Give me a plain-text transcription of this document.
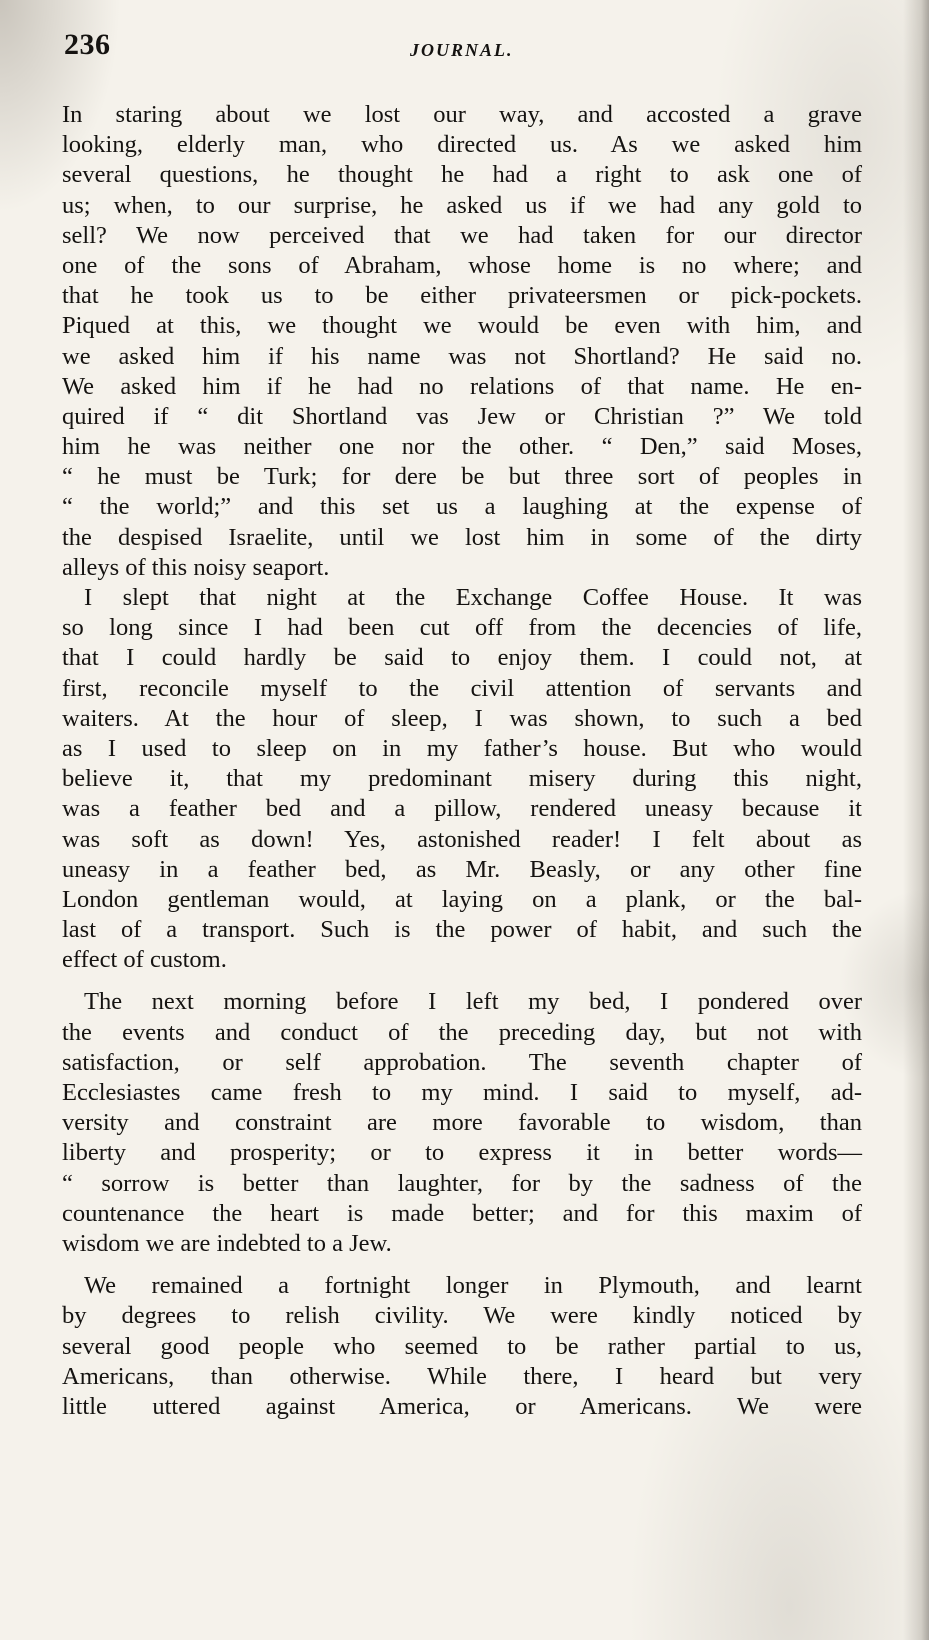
236	JOURNAL.
In staring about we lost our way, and accosted a grave
looking, elderly man, who directed us. As we asked him
several questions, he thought he had a right to ask one of
us; when, to our surprise, he asked us if we had any gold to
sell? We now perceived that we had taken for our director
one of the sons of Abraham, whose home is no where; and
that he took us to be either privateersmen or pick-pockets.
Piqued at this, we thought we would be even with him, and
we asked him if his name was not Shortland? He said no.
We asked him if he had no relations of that name. He en-
quired if “ dit Shortland vas Jew or Christian ?” We told
him he was neither one nor the other. “ Den,” said Moses,
“ he must be Turk; for dere be but three sort of peoples in
“ the world;” and this set us a laughing at the expense of
the despised Israelite, until we lost him in some of the dirty
alleys of this noisy seaport.
I slept that night at the Exchange Coffee House. It was
so long since I had been cut off from the decencies of life,
that I could hardly be said to enjoy them. I could not, at
first, reconcile myself to the civil attention of servants and
waiters. At the hour of sleep, I was shown, to such a bed
as I used to sleep on in my father’s house. But who would
believe it, that my predominant misery during this night,
was a feather bed and a pillow, rendered uneasy because it
was soft as down! Yes, astonished reader! I felt about as
uneasy in a feather bed, as Mr. Beasly, or any other fine
London gentleman would, at laying on a plank, or the bal-
last of a transport. Such is the power of habit, and such the
effect of custom.
The next morning before I left my bed, I pondered over
the events and conduct of the preceding day, but not with
satisfaction, or self approbation. The seventh chapter of
Ecclesiastes came fresh to my mind. I said to myself, ad-
versity and constraint are more favorable to wisdom, than
liberty and prosperity; or to express it in better words—
“ sorrow is better than laughter, for by the sadness of the
countenance the heart is made better; and for this maxim of
wisdom we are indebted to a Jew.
We remained a fortnight longer in Plymouth, and learnt
by degrees to relish civility. We were kindly noticed by
several good people who seemed to be rather partial to us,
Americans, than otherwise. While there, I heard but very
little uttered against America, or Americans. We were
